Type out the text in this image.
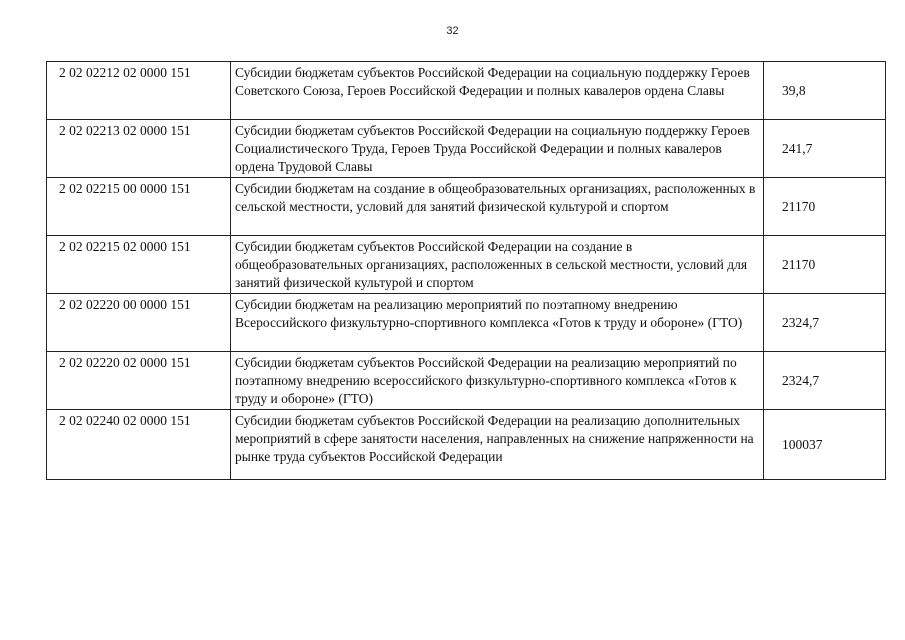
32
2 02 02212 02 0000 151	Субсидии бюджетам субъектов Российской Федерации на социальную поддержку Героев Советского Союза, Героев Российской Федерации и полных кавалеров ордена Славы	39,8
2 02 02213 02 0000 151	Субсидии бюджетам субъектов Российской Федерации на социальную поддержку Героев Социалистического Труда, Героев Труда Российской Федерации и полных кавалеров ордена Трудовой Славы	241,7
2 02 02215 00 0000 151	Субсидии бюджетам на создание в общеобразовательных организациях, расположенных в сельской местности, условий для занятий физической культурой и спортом	21170
2 02 02215 02 0000 151	Субсидии бюджетам субъектов Российской Федерации на создание в общеобразовательных организациях, расположенных в сельской местности, условий для занятий физической культурой и спортом	21170
2 02 02220 00 0000 151	Субсидии бюджетам на реализацию мероприятий по поэтапному внедрению Всероссийского физкультурно-спортивного комплекса «Готов к труду и обороне» (ГТО)	2324,7
2 02 02220 02 0000 151	Субсидии бюджетам субъектов Российской Федерации на реализацию мероприятий по поэтапному внедрению всероссийского физкультурно-спортивного комплекса «Готов к труду и обороне» (ГТО)	2324,7
2 02 02240 02 0000 151	Субсидии бюджетам субъектов Российской Федерации на реализацию дополнительных мероприятий в сфере занятости населения, направленных на снижение напряженности на рынке труда субъектов Российской Федерации	100037
